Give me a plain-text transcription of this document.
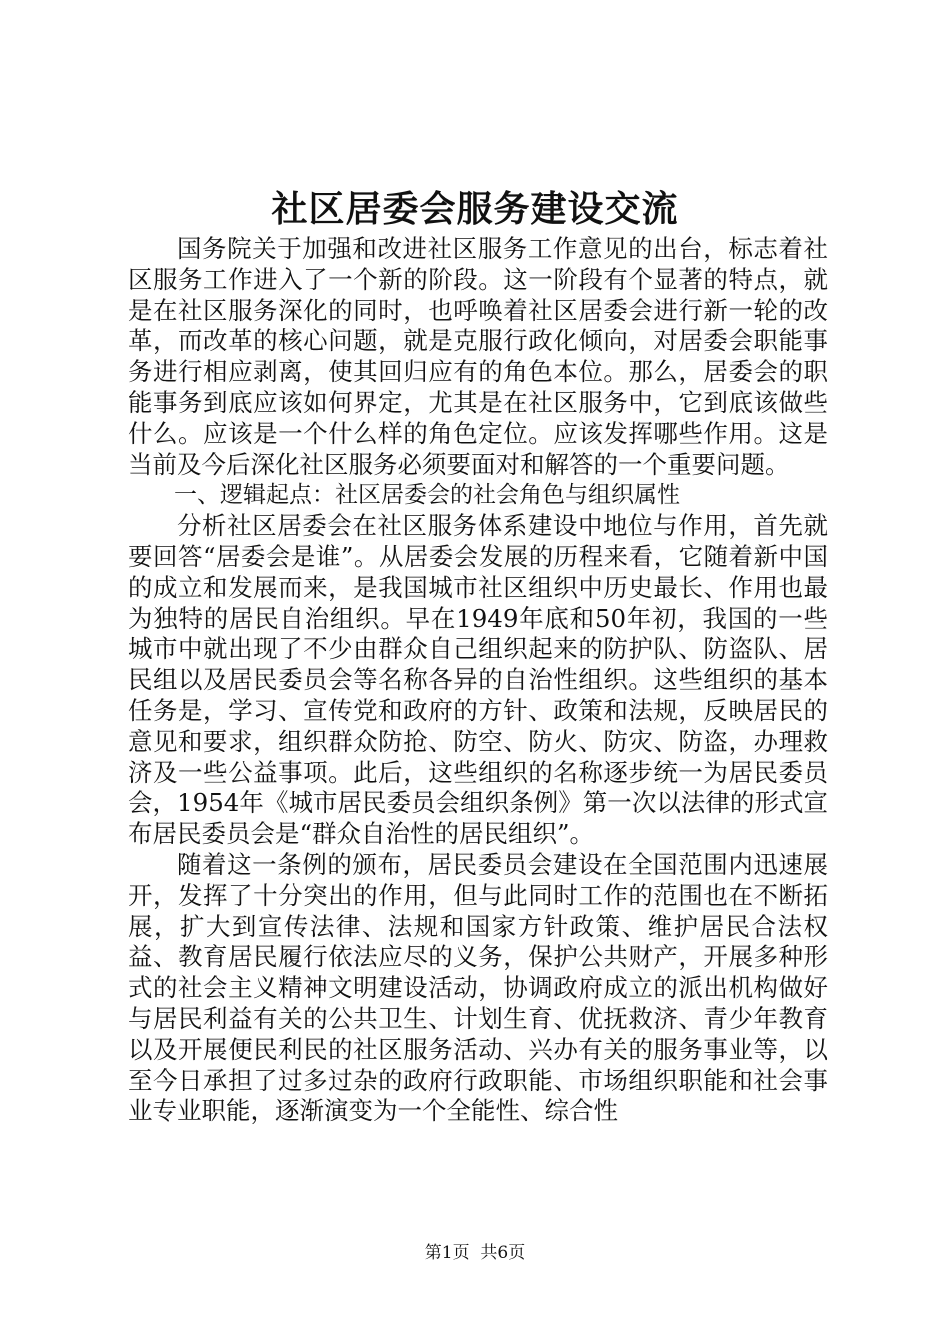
社区居委会服务建设交流

国务院关于加强和改进社区服务工作意见的出台，标志着社区服务工作进入了一个新的阶段。这一阶段有个显著的特点，就是在社区服务深化的同时，也呼唤着社区居委会进行新一轮的改革，而改革的核心问题，就是克服行政化倾向，对居委会职能事务进行相应剥离，使其回归应有的角色本位。那么，居委会的职能事务到底应该如何界定，尤其是在社区服务中，它到底该做些什么。应该是一个什么样的角色定位。应该发挥哪些作用。这是当前及今后深化社区服务必须要面对和解答的一个重要问题。

一、逻辑起点：社区居委会的社会角色与组织属性

分析社区居委会在社区服务体系建设中地位与作用，首先就要回答“居委会是谁”。从居委会发展的历程来看，它随着新中国的成立和发展而来，是我国城市社区组织中历史最长、作用也最为独特的居民自治组织。早在1949年底和50年初，我国的一些城市中就出现了不少由群众自己组织起来的防护队、防盗队、居民组以及居民委员会等名称各异的自治性组织。这些组织的基本任务是，学习、宣传党和政府的方针、政策和法规，反映居民的意见和要求，组织群众防抢、防空、防火、防灾、防盗，办理救济及一些公益事项。此后，这些组织的名称逐步统一为居民委员会，1954年《城市居民委员会组织条例》第一次以法律的形式宣布居民委员会是“群众自治性的居民组织”。

随着这一条例的颁布，居民委员会建设在全国范围内迅速展开，发挥了十分突出的作用，但与此同时工作的范围也在不断拓展，扩大到宣传法律、法规和国家方针政策、维护居民合法权益、教育居民履行依法应尽的义务，保护公共财产，开展多种形式的社会主义精神文明建设活动，协调政府成立的派出机构做好与居民利益有关的公共卫生、计划生育、优抚救济、青少年教育以及开展便民利民的社区服务活动、兴办有关的服务事业等，以至今日承担了过多过杂的政府行政职能、市场组织职能和社会事业专业职能，逐渐演变为一个全能性、综合性

第1页 共6页
